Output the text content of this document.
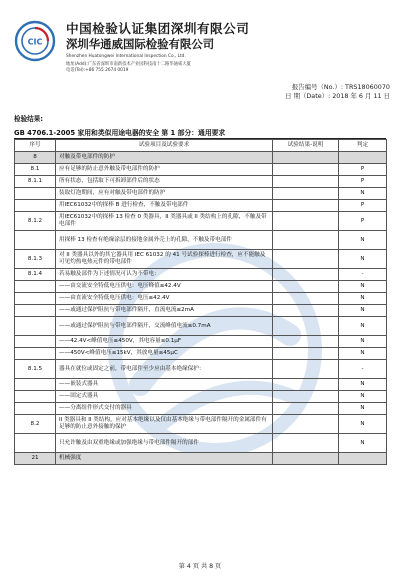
CIC
中国检验认证集团深圳有限公司
深圳华通威国际检验有限公司
Shenzhen Huatongwei International Inspection Co., Ltd.
地址(Add):广东省深圳市南新技术产业园科技南十二路华通威大厦
电话(Tel):+86 755 2674 0019
报告编号（No.）: TRS18060070
日 期（Date）: 2018 年 6 月 11 日
检验结果:
GB 4706.1-2005 家用和类似用途电器的安全 第 1 部分：通用要求
序号	试验项目及试验要求	试验结果-说明	判定
8	对触及带电部件的防护		
8.1	应有足够的防止意外触及带电部件的防护		P
8.1.1	所有状态，包括取下可拆卸部件后的状态		P
	装取灯泡期间，应有对触及带电部件的防护		N
	用IEC61032中的探棒 B 进行检查，不触及带电部件		P
8.1.2	用IEC61032中的探棒 13 检查 0 类器具，II 类器具或 II 类结构上的孔隙，不触及带电部件		P
	用探棒 13 检查有绝缘涂层的接地金属外壳上的孔隙，不触及带电部件		N
8.1.3	对 II 类器具以外的其它器具用 IEC 61032 的 41 号试验探棒进行检查，应不能触及可见灼热电热元件的带电部件		N
8.1.4	若易触及部件为下述情况可认为不带电：		-
	——由交流安全特低电压供电：电压峰值≤42.4V		N
	——由直流安全特低电压供电：电压≤42.4V		N
	——或通过保护阻抗与带电部件隔开，直流电流≤2mA		N
	——或通过保护阻抗与带电部件隔开，交流峰值电流≤0.7mA		N
	——42.4V<峰值电压≤450V，其电容量≤0.1μF		N
	——450V<峰值电压≤15kV，其放电量≤45μC		N
8.1.5	器具在就位或固定之前，带电部件至少应由基本绝缘保护：		-
	——嵌装式器具		N
	——固定式器具		N
	——分离组件形式交付的器具		N
8.2	II 类器具和 II 类结构，应对基本绝缘以及仅由基本绝缘与带电部件隔开的金属部件有足够的防止意外接触的保护		N
	只允许触及由双重绝缘或加强绝缘与带电部件隔开的部件		N
21	机械强度		
第 4 页 共 8 页
